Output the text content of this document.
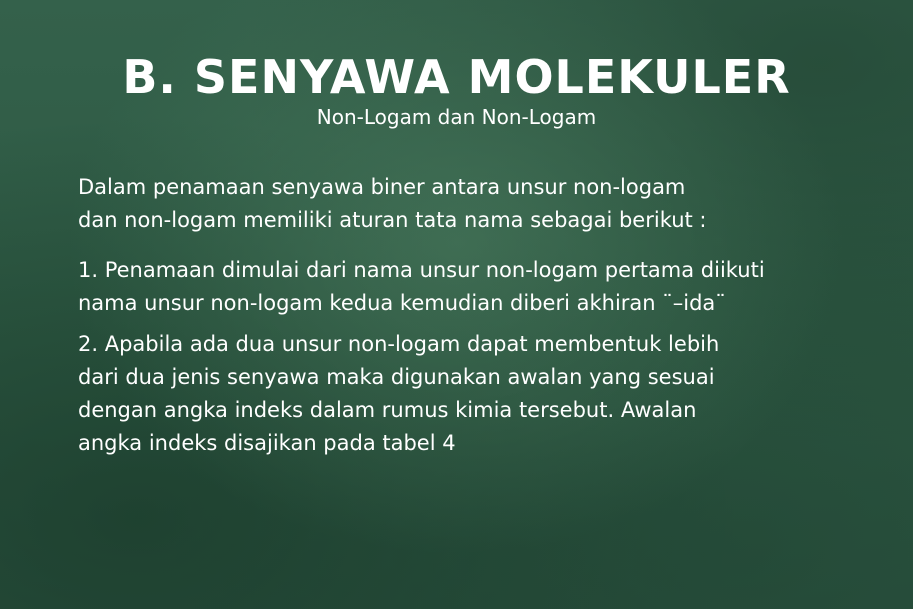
B. SENYAWA MOLEKULER

Non-Logam dan Non-Logam

Dalam penamaan senyawa biner antara unsur non-logam
dan non-logam memiliki aturan tata nama sebagai berikut :

1. Penamaan dimulai dari nama unsur non-logam pertama diikuti
nama unsur non-logam kedua kemudian diberi akhiran ¨–ida¨

2. Apabila ada dua unsur non-logam dapat membentuk lebih
dari dua jenis senyawa maka digunakan awalan yang sesuai
dengan angka indeks dalam rumus kimia tersebut. Awalan
angka indeks disajikan pada tabel 4
